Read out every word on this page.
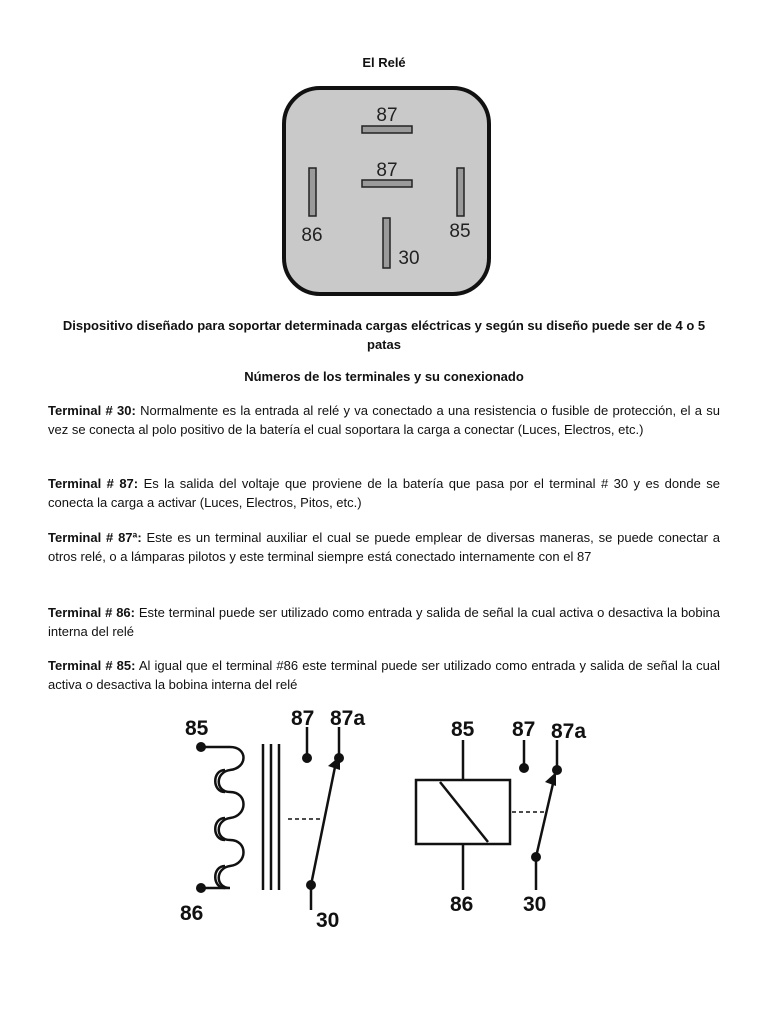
El Relé
87
87
86	85
30
Dispositivo diseñado para soportar determinada cargas eléctricas y según su diseño puede ser de 4 o 5 patas
Números de los terminales y su conexionado

Terminal # 30: Normalmente es la entrada al relé y va conectado a una resistencia o fusible de protección, el a su vez se conecta al polo positivo de la batería el cual soportara la carga a conectar (Luces, Electros, etc.)

Terminal # 87: Es la salida del voltaje que proviene de la batería que pasa por el terminal # 30 y es donde se conecta la carga a activar (Luces, Electros, Pitos, etc.)

Terminal # 87ª: Este es un terminal auxiliar el cual se puede emplear de diversas maneras, se puede conectar a otros relé, o a lámparas pilotos y este terminal siempre está conectado internamente con el 87

Terminal # 86: Este terminal puede ser utilizado como entrada y salida de señal la cual activa o desactiva la bobina interna del relé

Terminal # 85: Al igual que el terminal #86 este terminal puede ser utilizado como entrada y salida de señal la cual activa o desactiva la bobina interna del relé

85	87 87a
86	30
85 87 87a
86 30
